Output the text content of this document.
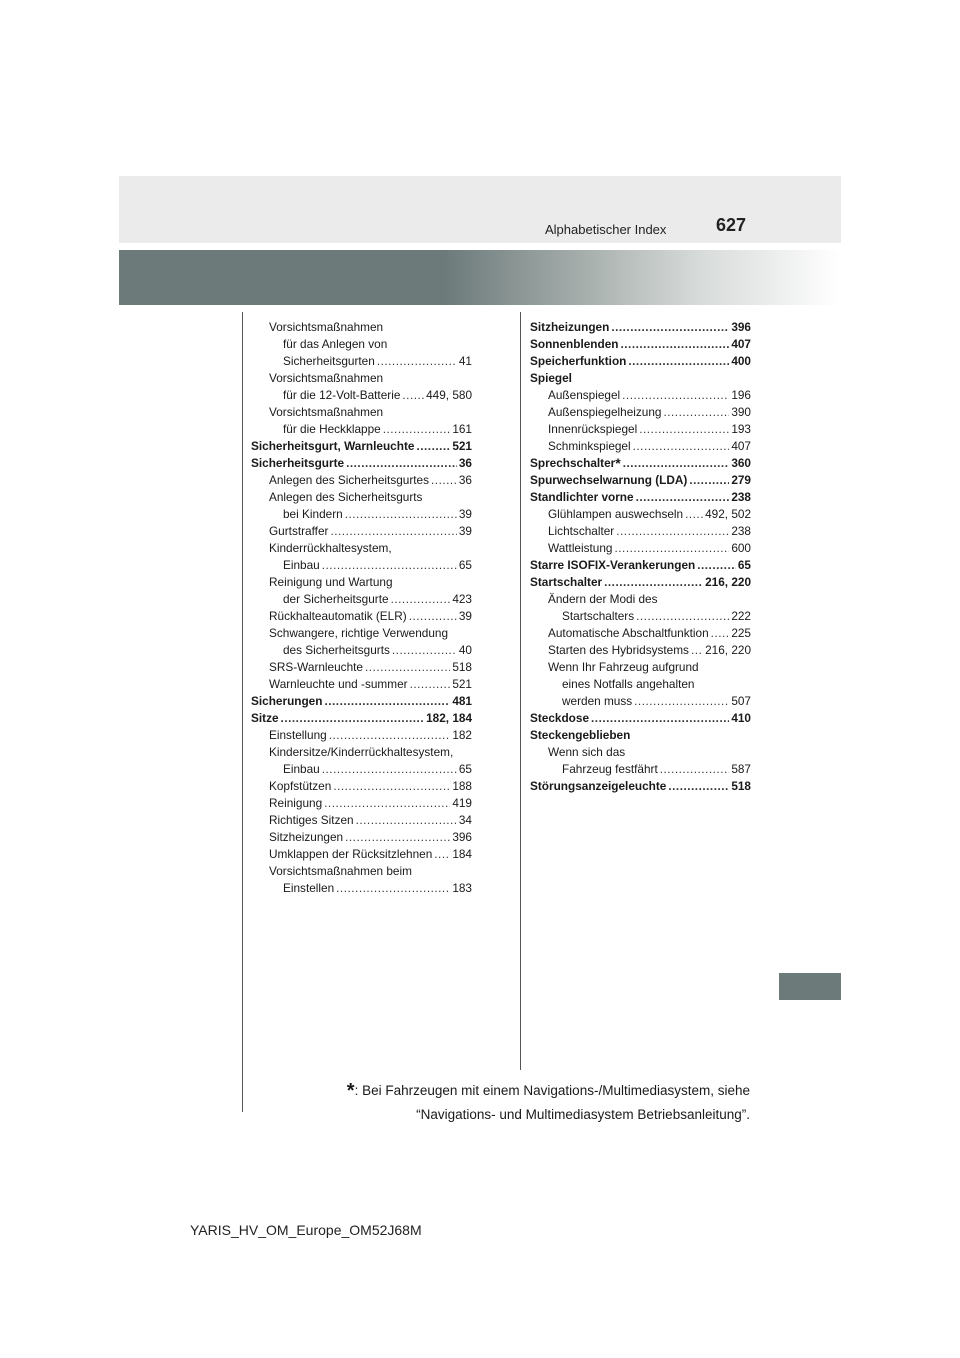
Alphabetischer Index	627
Vorsichtsmaßnahmen
für das Anlegen von
Sicherheitsgurten .....	41
Vorsichtsmaßnahmen
für die 12-Volt-Batterie ..... 449, 580
Vorsichtsmaßnahmen
für die Heckklappe .....	161
Sicherheitsgurt, Warnleuchte .....	521
Sicherheitsgurte .....	36
Anlegen des Sicherheitsgurtes .....	36
Anlegen des Sicherheitsgurts
bei Kindern .....	39
Gurtstraffer .....	39
Kinderrückhaltesystem,
Einbau .....	65
Reinigung und Wartung
der Sicherheitsgurte .....	423
Rückhalteautomatik (ELR) .....	39
Schwangere, richtige Verwendung
des Sicherheitsgurts .....	40
SRS-Warnleuchte .....	518
Warnleuchte und -summer .....	521
Sicherungen .....	481
Sitze .....	182, 184
Einstellung .....	182
Kindersitze/Kinderrückhaltesystem,
Einbau .....	65
Kopfstützen .....	188
Reinigung .....	419
Richtiges Sitzen .....	34
Sitzheizungen .....	396
Umklappen der Rücksitzlehnen ..... 184
Vorsichtsmaßnahmen beim
Einstellen .....	183
Sitzheizungen .....	396
Sonnenblenden .....	407
Speicherfunktion .....	400
Spiegel
Außenspiegel .....	196
Außenspiegelheizung .....	390
Innenrückspiegel .....	193
Schminkspiegel .....	407
Sprechschalter * .....	360
Spurwechselwarnung (LDA) .....	279
Standlichter vorne .....	238
Glühlampen auswechseln ..... 492, 502
Lichtschalter .....	238
Wattleistung .....	600
Starre ISOFIX-Verankerungen .....	65
Startschalter .....	216, 220
Ändern der Modi des
Startschalters .....	222
Automatische Abschaltfunktion ..... 225
Starten des Hybridsystems ..... 216, 220
Wenn Ihr Fahrzeug aufgrund
eines Notfalls angehalten
werden muss .....	507
Steckdose .....	410
Steckengeblieben
Wenn sich das
Fahrzeug festfährt .....	587
Störungsanzeigeleuchte .....	518
*: Bei Fahrzeugen mit einem Navigations-/Multimediasystem, siehe
“Navigations- und Multimediasystem Betriebsanleitung”.
YARIS_HV_OM_Europe_OM52J68M
